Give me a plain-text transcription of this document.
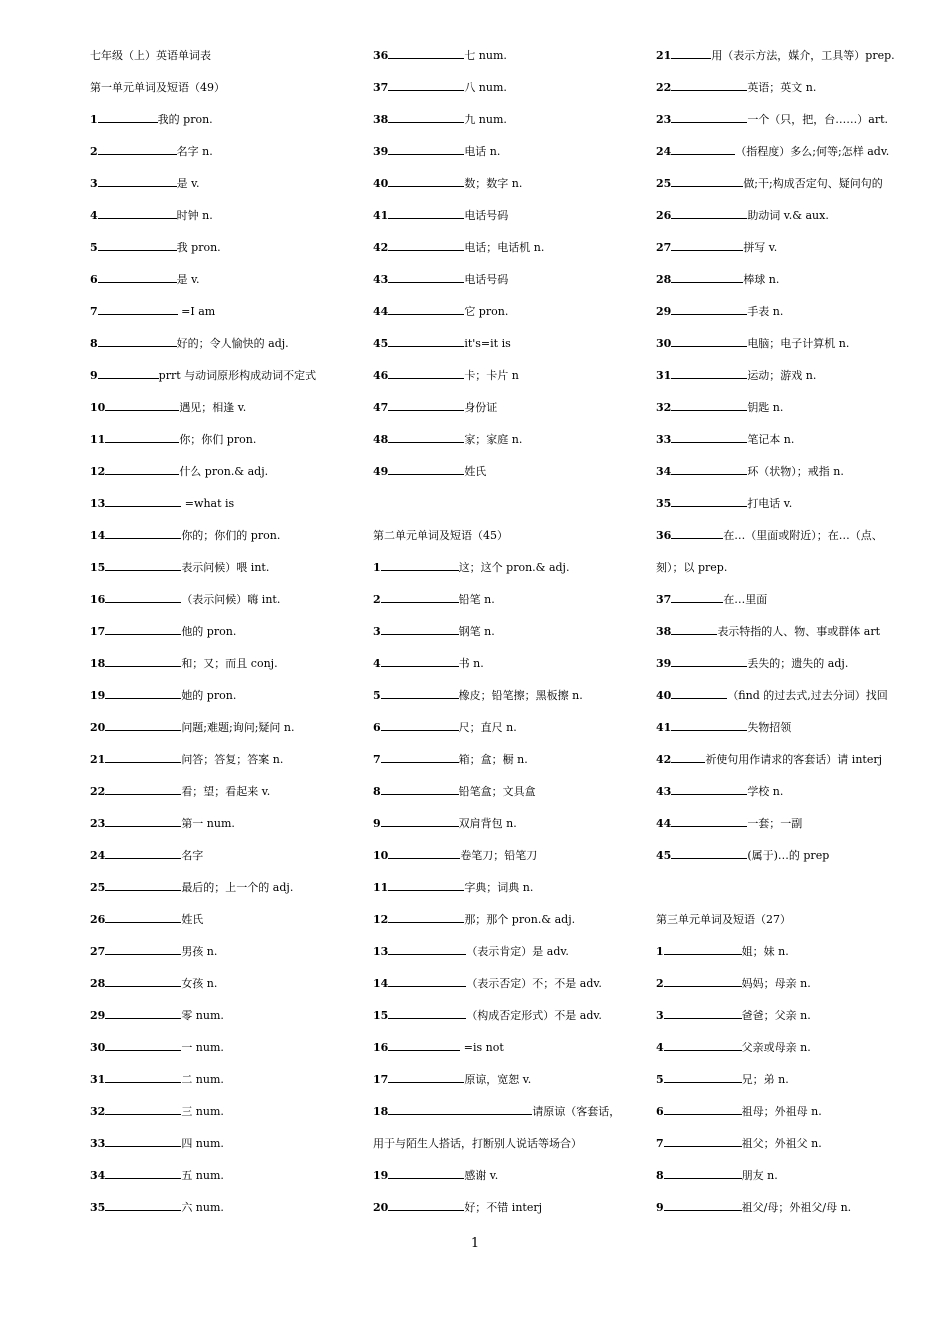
七年级（上）英语单词表
第一单元单词及短语（49）
1	我的 pron.
2	名字 n.
3	是 v.
4	时钟 n.
5	我 pron.
6	是 v.
7	=I am
8	好的；令人愉快的 adj.
9	prrt 与动词原形构成动词不定式
10	遇见；相逢 v.
11	你；你们 pron.
12	什么 pron.& adj.
13	=what is
14	你的；你们的 pron.
15	表示问候）喂 int.
16	（表示问候）嗨 int.
17	他的 pron.
18	和；又；而且 conj.
19	她的 pron.
20	问题;难题;询问;疑问 n.
21	问答；答复；答案 n.
22	看；望；看起来 v.
23	第一 num.
24	名字
25	最后的；上一个的 adj.
26	姓氏
27	男孩 n.
28	女孩 n.
29	零 num.
30	一 num.
31	二 num.
32	三 num.
33	四 num.
34	五 num.
35	六 num.
36	七 num.
37	八 num.
38	九 num.
39	电话 n.
40	数；数字 n.
41	电话号码
42	电话；电话机 n.
43	电话号码
44	它 pron.
45	it's=it is
46	卡；卡片 n
47	身份证
48	家；家庭 n.
49	姓氏
第二单元单词及短语（45）
1	这；这个 pron.& adj.
2	铅笔 n.
3	钢笔 n.
4	书 n.
5	橡皮；铅笔擦；黑板擦 n.
6	尺；直尺 n.
7	箱；盒；橱 n.
8	铅笔盒；文具盒
9	双肩背包 n.
10	卷笔刀；铅笔刀
11	字典；词典 n.
12	那；那个 pron.& adj.
13	（表示肯定）是 adv.
14	（表示否定）不；不是 adv.
15	（构成否定形式）不是 adv.
16	=is not
17	原谅，宽恕 v.
18	请原谅（客套话，
用于与陌生人搭话，打断别人说话等场合）
19	感谢 v.
20	好；不错 interj
21	用（表示方法，媒介，工具等）prep.
22	英语；英文 n.
23	一个（只，把，台……）art.
24	（指程度）多么;何等;怎样 adv.
25	做;干;构成否定句、疑问句的
26	助动词 v.& aux.
27	拼写 v.
28	棒球 n.
29	手表 n.
30	电脑；电子计算机 n.
31	运动；游戏 n.
32	钥匙 n.
33	笔记本 n.
34	环（状物）；戒指 n.
35	打电话 v.
36	在…（里面或附近）；在…（点、
刻）；以 prep.
37	在…里面
38	表示特指的人、物、事或群体 art
39	丢失的；遗失的 adj.
40	（find 的过去式,过去分词）找回
41	失物招领
42	祈使句用作请求的客套话）请 interj
43	学校 n.
44	一套；一副
45	(属于)…的 prep
第三单元单词及短语（27）
1	姐；妹 n.
2	妈妈；母亲 n.
3	爸爸；父亲 n.
4	父亲或母亲 n.
5	兄；弟 n.
6	祖母；外祖母 n.
7	祖父；外祖父 n.
8	朋友 n.
9	祖父/母；外祖父/母 n.
1
